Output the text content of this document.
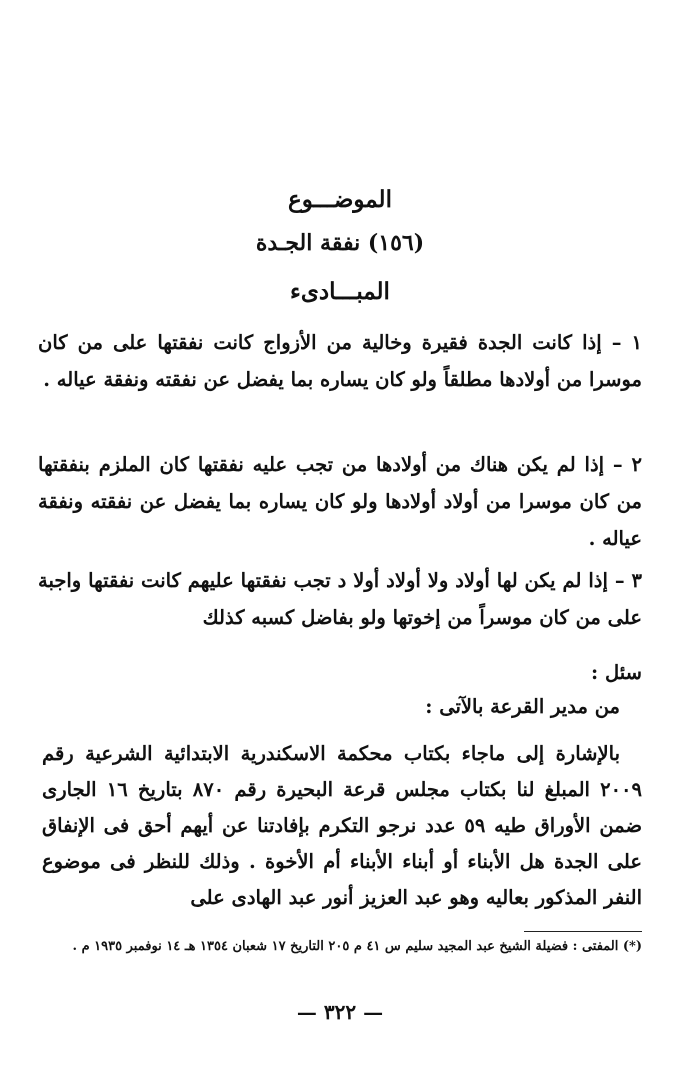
الموضـــوع
(١٥٦) نفقة الجـدة
المبـــادىء

١ – إذا كانت الجدة فقيرة وخالية من الأزواج كانت نفقتها على من كان موسرا من أولادها مطلقاً ولو كان يساره بما يفضل عن نفقته ونفقة عياله .

٢ – إذا لم يكن هناك من أولادها من تجب عليه نفقتها كان الملزم بنفقتها من كان موسرا من أولاد أولادها ولو كان يساره بما يفضل عن نفقته ونفقة عياله .

٣ – إذا لم يكن لها أولاد ولا أولاد أولا د تجب نفقتها عليهم كانت نفقتها واجبة على من كان موسراً من إخوتها ولو بفاضل كسبه كذلك

سئل :

من مدير القرعة بالآتى :

بالإشارة إلى ماجاء بكتاب محكمة الاسكندرية الابتدائية الشرعية رقم ٢٠٠٩ المبلغ لنا بكتاب مجلس قرعة البحيرة رقم ٨٧٠ بتاريخ ١٦ الجارى ضمن الأوراق طيه ٥٩ عدد نرجو التكرم بإفادتنا عن أيهم أحق فى الإنفاق على الجدة هل الأبناء أو أبناء الأبناء أم الأخوة . وذلك للنظر فى موضوع النفر المذكور بعاليه وهو عبد العزيز أنور عبد الهادى على

(*) المفتى : فضيلة الشيخ عبد المجيد سليم س ٤١ م ٢٠٥ التاريخ ١٧ شعبان ١٣٥٤ هـ ١٤ نوفمبر ١٩٣٥ م .

— ٣٢٢ —
